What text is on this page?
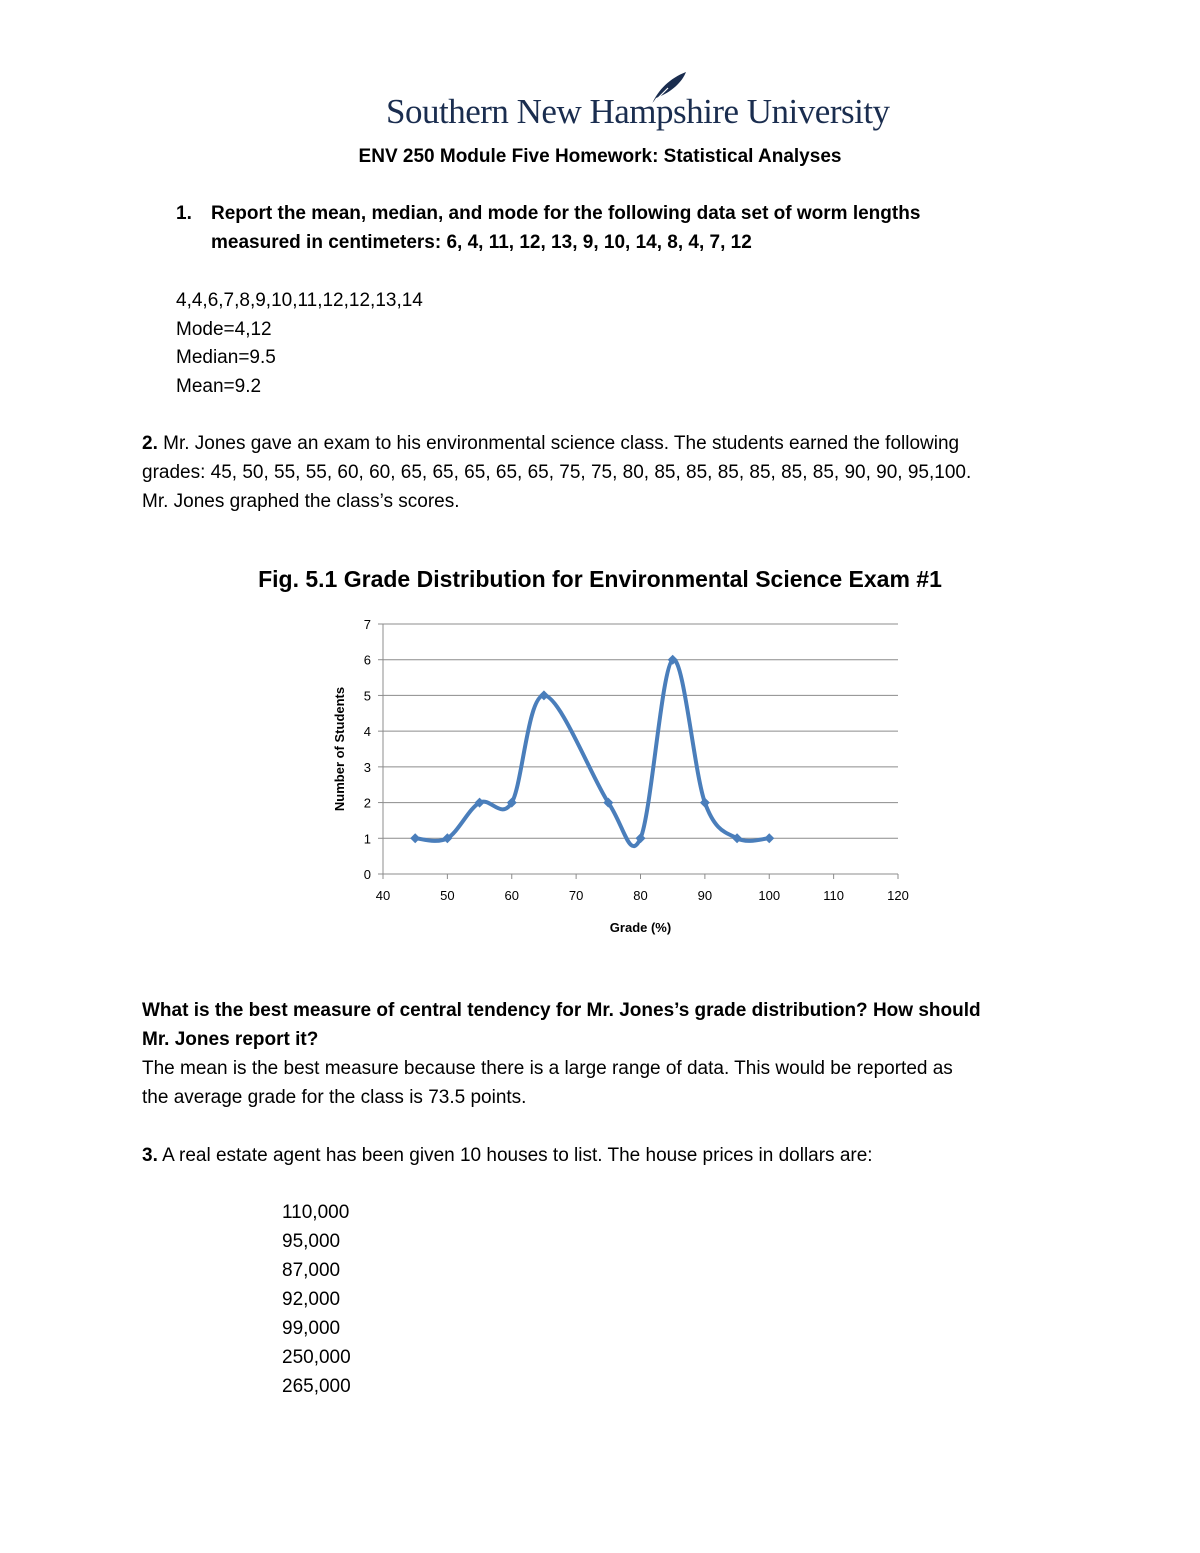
Southern New Hampshire University
ENV 250 Module Five Homework: Statistical Analyses
1. Report the mean, median, and mode for the following data set of worm lengths
measured in centimeters: 6, 4, 11, 12, 13, 9, 10, 14, 8, 4, 7, 12
4,4,6,7,8,9,10,11,12,12,13,14
Mode=4,12
Median=9.5
Mean=9.2
2. Mr. Jones gave an exam to his environmental science class. The students earned the following
grades: 45, 50, 55, 55, 60, 60, 65, 65, 65, 65, 65, 75, 75, 80, 85, 85, 85, 85, 85, 85, 90, 90, 95,100.
Mr. Jones graphed the class’s scores.
Fig. 5.1 Grade Distribution for Environmental Science Exam #1
0
1
2
3
4
5
6
7
40	50	60	70	80	90	100	110	120
Grade (%)
Number of Students
What is the best measure of central tendency for Mr. Jones’s grade distribution? How should
Mr. Jones report it?
The mean is the best measure because there is a large range of data. This would be reported as
the average grade for the class is 73.5 points.
3. A real estate agent has been given 10 houses to list. The house prices in dollars are:
110,000
95,000
87,000
92,000
99,000
250,000
265,000
